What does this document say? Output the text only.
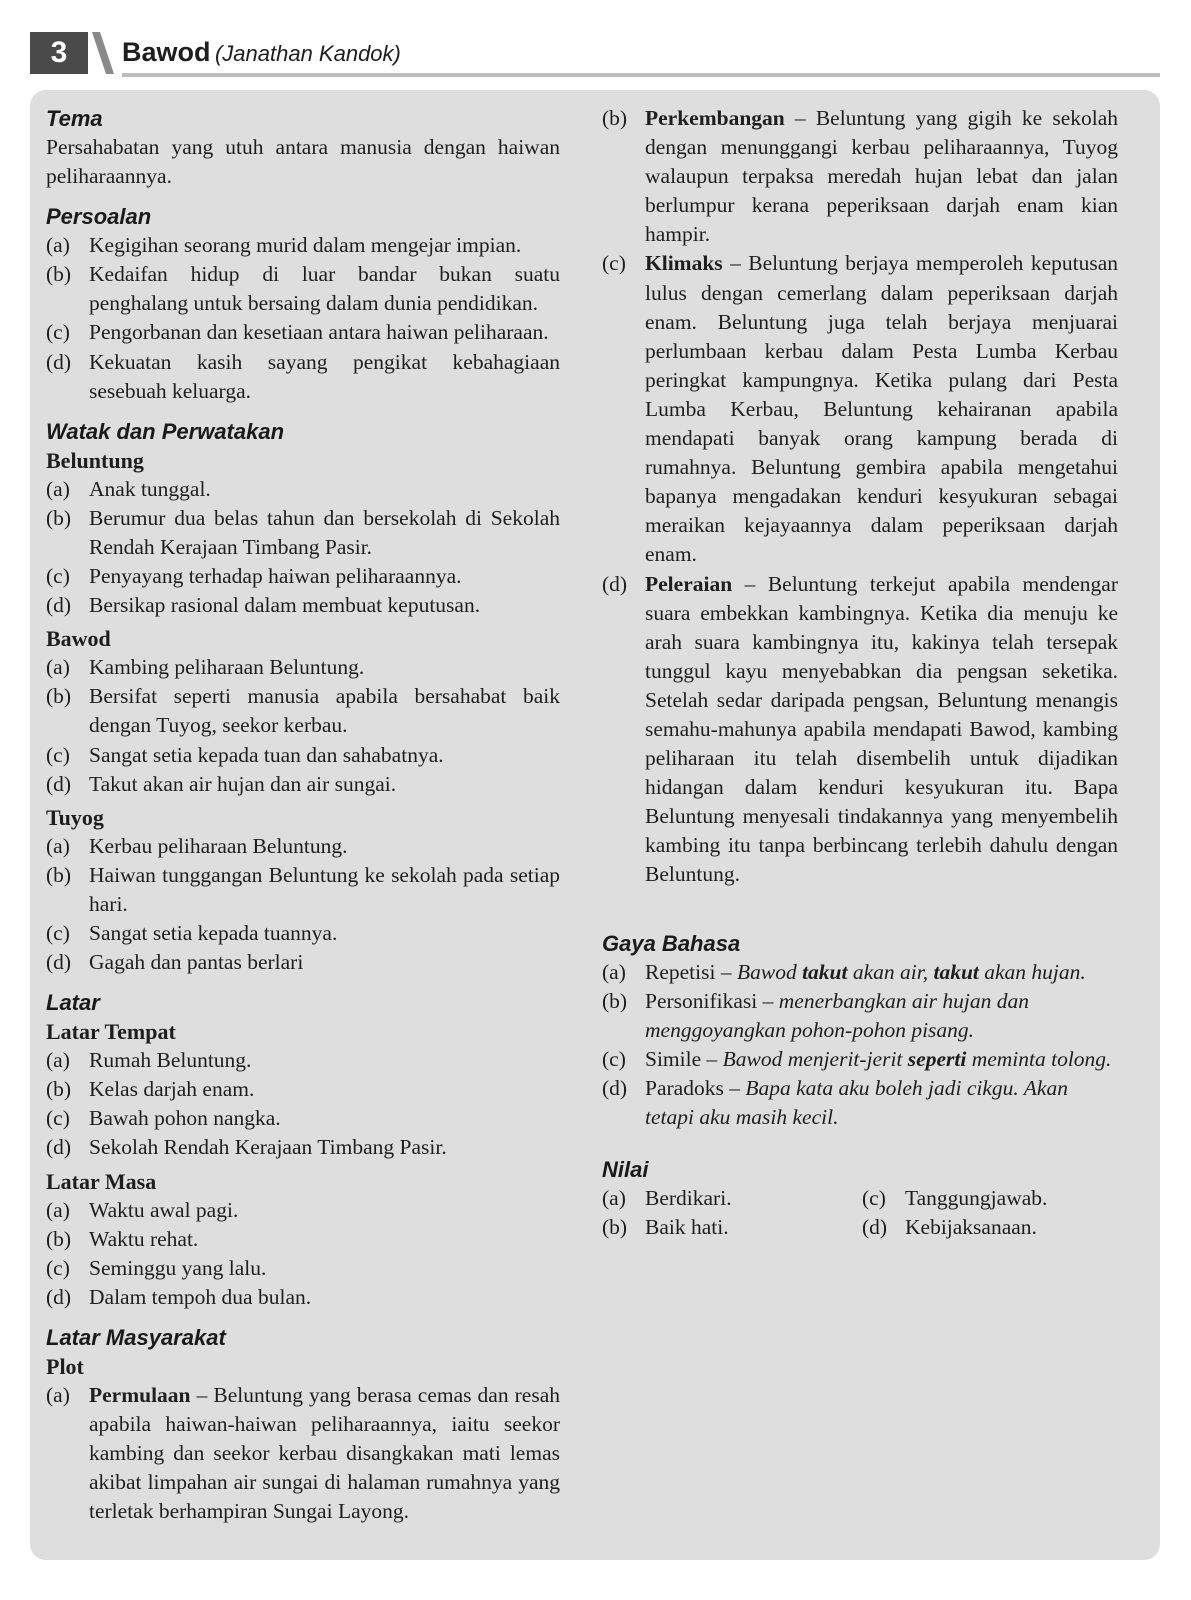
3	Bawod (Janathan Kandok)
Tema

Persahabatan yang utuh antara manusia dengan haiwan peliharaannya.

Persoalan
(a) Kegigihan seorang murid dalam mengejar impian.
(b) Kedaifan hidup di luar bandar bukan suatu penghalang untuk bersaing dalam dunia pendidikan.
(c) Pengorbanan dan kesetiaan antara haiwan peliharaan.
(d) Kekuatan kasih sayang pengikat kebahagiaan sesebuah keluarga.
Watak dan Perwatakan
Beluntung
(a) Anak tunggal.
(b) Berumur dua belas tahun dan bersekolah di Sekolah Rendah Kerajaan Timbang Pasir.
(c) Penyayang terhadap haiwan peliharaannya.
(d) Bersikap rasional dalam membuat keputusan.
Bawod
(a) Kambing peliharaan Beluntung.
(b) Bersifat seperti manusia apabila bersahabat baik dengan Tuyog, seekor kerbau.
(c) Sangat setia kepada tuan dan sahabatnya.
(d) Takut akan air hujan dan air sungai.
Tuyog
(a) Kerbau peliharaan Beluntung.
(b) Haiwan tunggangan Beluntung ke sekolah pada setiap hari.
(c) Sangat setia kepada tuannya.
(d) Gagah dan pantas berlari
Latar
Latar Tempat
(a) Rumah Beluntung.
(b) Kelas darjah enam.
(c) Bawah pohon nangka.
(d) Sekolah Rendah Kerajaan Timbang Pasir.
Latar Masa
(a) Waktu awal pagi.
(b) Waktu rehat.
(c) Seminggu yang lalu.
(d) Dalam tempoh dua bulan.
Latar Masyarakat
Plot
(a) Permulaan – Beluntung yang berasa cemas dan resah apabila haiwan-haiwan peliharaannya, iaitu seekor kambing dan seekor kerbau disangkakan mati lemas akibat limpahan air sungai di halaman rumahnya yang terletak berhampiran Sungai Layong.
(b) Perkembangan – Beluntung yang gigih ke sekolah dengan menunggangi kerbau peliharaannya, Tuyog walaupun terpaksa meredah hujan lebat dan jalan berlumpur kerana peperiksaan darjah enam kian hampir.
(c) Klimaks – Beluntung berjaya memperoleh keputusan lulus dengan cemerlang dalam peperiksaan darjah enam. Beluntung juga telah berjaya menjuarai perlumbaan kerbau dalam Pesta Lumba Kerbau peringkat kampungnya. Ketika pulang dari Pesta Lumba Kerbau, Beluntung kehairanan apabila mendapati banyak orang kampung berada di rumahnya. Beluntung gembira apabila mengetahui bapanya mengadakan kenduri kesyukuran sebagai meraikan kejayaannya dalam peperiksaan darjah enam.
(d) Peleraian – Beluntung terkejut apabila mendengar suara embekkan kambingnya. Ketika dia menuju ke arah suara kambingnya itu, kakinya telah tersepak tunggul kayu menyebabkan dia pengsan seketika. Setelah sedar daripada pengsan, Beluntung menangis semahu-mahunya apabila mendapati Bawod, kambing peliharaan itu telah disembelih untuk dijadikan hidangan dalam kenduri kesyukuran itu. Bapa Beluntung menyesali tindakannya yang menyembelih kambing itu tanpa berbincang terlebih dahulu dengan Beluntung.
Gaya Bahasa
(a) Repetisi – Bawod takut akan air, takut akan hujan.
(b) Personifikasi – menerbangkan air hujan dan menggoyangkan pohon-pohon pisang.
(c) Simile – Bawod menjerit-jerit seperti meminta tolong.
(d) Paradoks – Bapa kata aku boleh jadi cikgu. Akan tetapi aku masih kecil.
Nilai
(a) Berdikari.	(c) Tanggungjawab.
(b) Baik hati.	(d) Kebijaksanaan.
